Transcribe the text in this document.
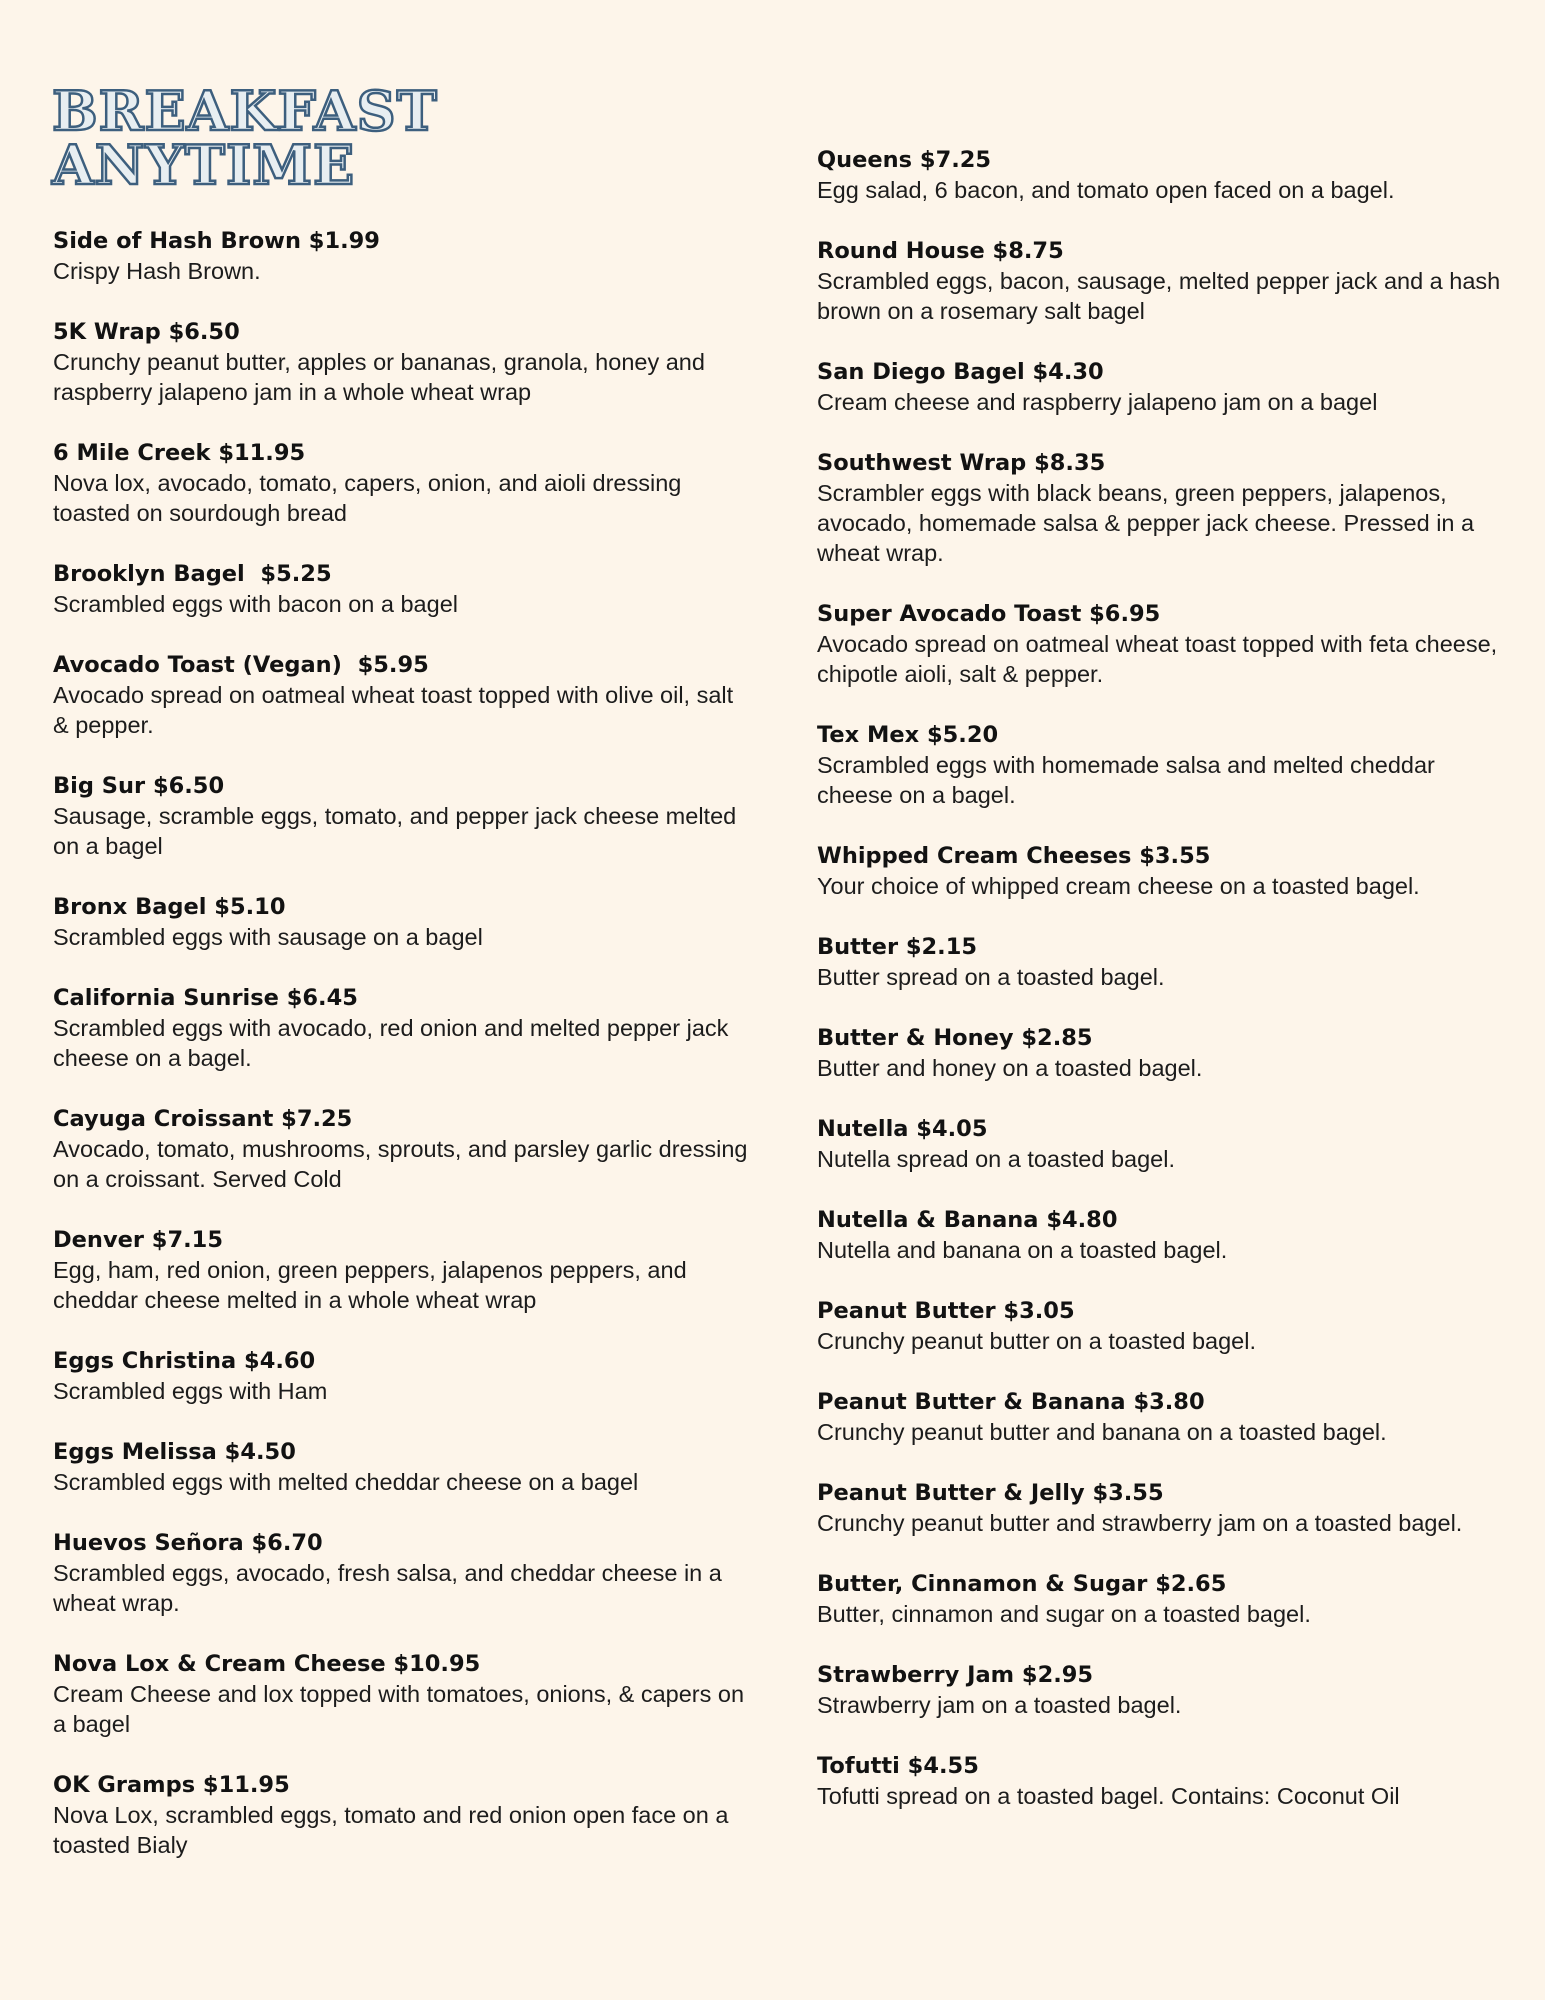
BREAKFAST
ANYTIME
Side of Hash Brown $1.99
Crispy Hash Brown.
5K Wrap $6.50
Crunchy peanut butter, apples or bananas, granola, honey and raspberry jalapeno jam in a whole wheat wrap
6 Mile Creek $11.95
Nova lox, avocado, tomato, capers, onion, and aioli dressing toasted on sourdough bread
Brooklyn Bagel  $5.25
Scrambled eggs with bacon on a bagel
Avocado Toast (Vegan)  $5.95
Avocado spread on oatmeal wheat toast topped with olive oil, salt & pepper.
Big Sur $6.50
Sausage, scramble eggs, tomato, and pepper jack cheese melted on a bagel
Bronx Bagel $5.10
Scrambled eggs with sausage on a bagel
California Sunrise $6.45
Scrambled eggs with avocado, red onion and melted pepper jack cheese on a bagel.
Cayuga Croissant $7.25
Avocado, tomato, mushrooms, sprouts, and parsley garlic dressing on a croissant. Served Cold
Denver $7.15
Egg, ham, red onion, green peppers, jalapenos peppers, and cheddar cheese melted in a whole wheat wrap
Eggs Christina $4.60
Scrambled eggs with Ham
Eggs Melissa $4.50
Scrambled eggs with melted cheddar cheese on a bagel
Huevos Señora $6.70
Scrambled eggs, avocado, fresh salsa, and cheddar cheese in a wheat wrap.
Nova Lox & Cream Cheese $10.95
Cream Cheese and lox topped with tomatoes, onions, & capers on a bagel
OK Gramps $11.95
Nova Lox, scrambled eggs, tomato and red onion open face on a toasted Bialy
Queens $7.25
Egg salad, 6 bacon, and tomato open faced on a bagel.
Round House $8.75
Scrambled eggs, bacon, sausage, melted pepper jack and a hash brown on a rosemary salt bagel
San Diego Bagel $4.30
Cream cheese and raspberry jalapeno jam on a bagel
Southwest Wrap $8.35
Scrambler eggs with black beans, green peppers, jalapenos, avocado, homemade salsa & pepper jack cheese. Pressed in a wheat wrap.
Super Avocado Toast $6.95
Avocado spread on oatmeal wheat toast topped with feta cheese, chipotle aioli, salt & pepper.
Tex Mex $5.20
Scrambled eggs with homemade salsa and melted cheddar cheese on a bagel.
Whipped Cream Cheeses $3.55
Your choice of whipped cream cheese on a toasted bagel.
Butter $2.15
Butter spread on a toasted bagel.
Butter & Honey $2.85
Butter and honey on a toasted bagel.
Nutella $4.05
Nutella spread on a toasted bagel.
Nutella & Banana $4.80
Nutella and banana on a toasted bagel.
Peanut Butter $3.05
Crunchy peanut butter on a toasted bagel.
Peanut Butter & Banana $3.80
Crunchy peanut butter and banana on a toasted bagel.
Peanut Butter & Jelly $3.55
Crunchy peanut butter and strawberry jam on a toasted bagel.
Butter, Cinnamon & Sugar $2.65
Butter, cinnamon and sugar on a toasted bagel.
Strawberry Jam $2.95
Strawberry jam on a toasted bagel.
Tofutti $4.55
Tofutti spread on a toasted bagel. Contains: Coconut Oil
